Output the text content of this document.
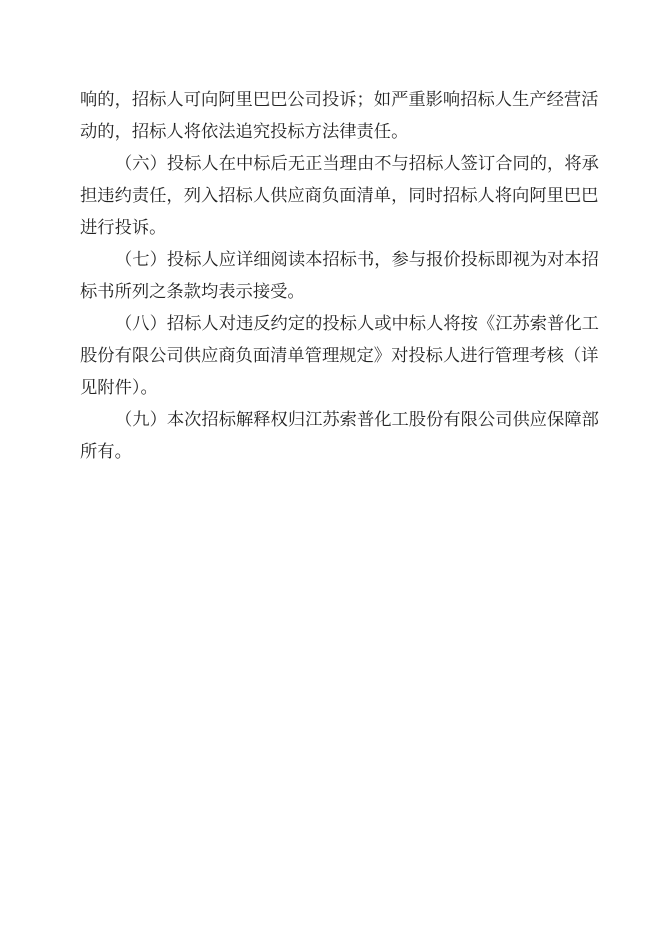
响的，招标人可向阿里巴巴公司投诉；如严重影响招标人生产经营活
动的，招标人将依法追究投标方法律责任。
（六）投标人在中标后无正当理由不与招标人签订合同的，将承
担违约责任，列入招标人供应商负面清单，同时招标人将向阿里巴巴
进行投诉。
（七）投标人应详细阅读本招标书，参与报价投标即视为对本招
标书所列之条款均表示接受。
（八）招标人对违反约定的投标人或中标人将按《江苏索普化工
股份有限公司供应商负面清单管理规定》对投标人进行管理考核（详
见附件）。
（九）本次招标解释权归江苏索普化工股份有限公司供应保障部
所有。
